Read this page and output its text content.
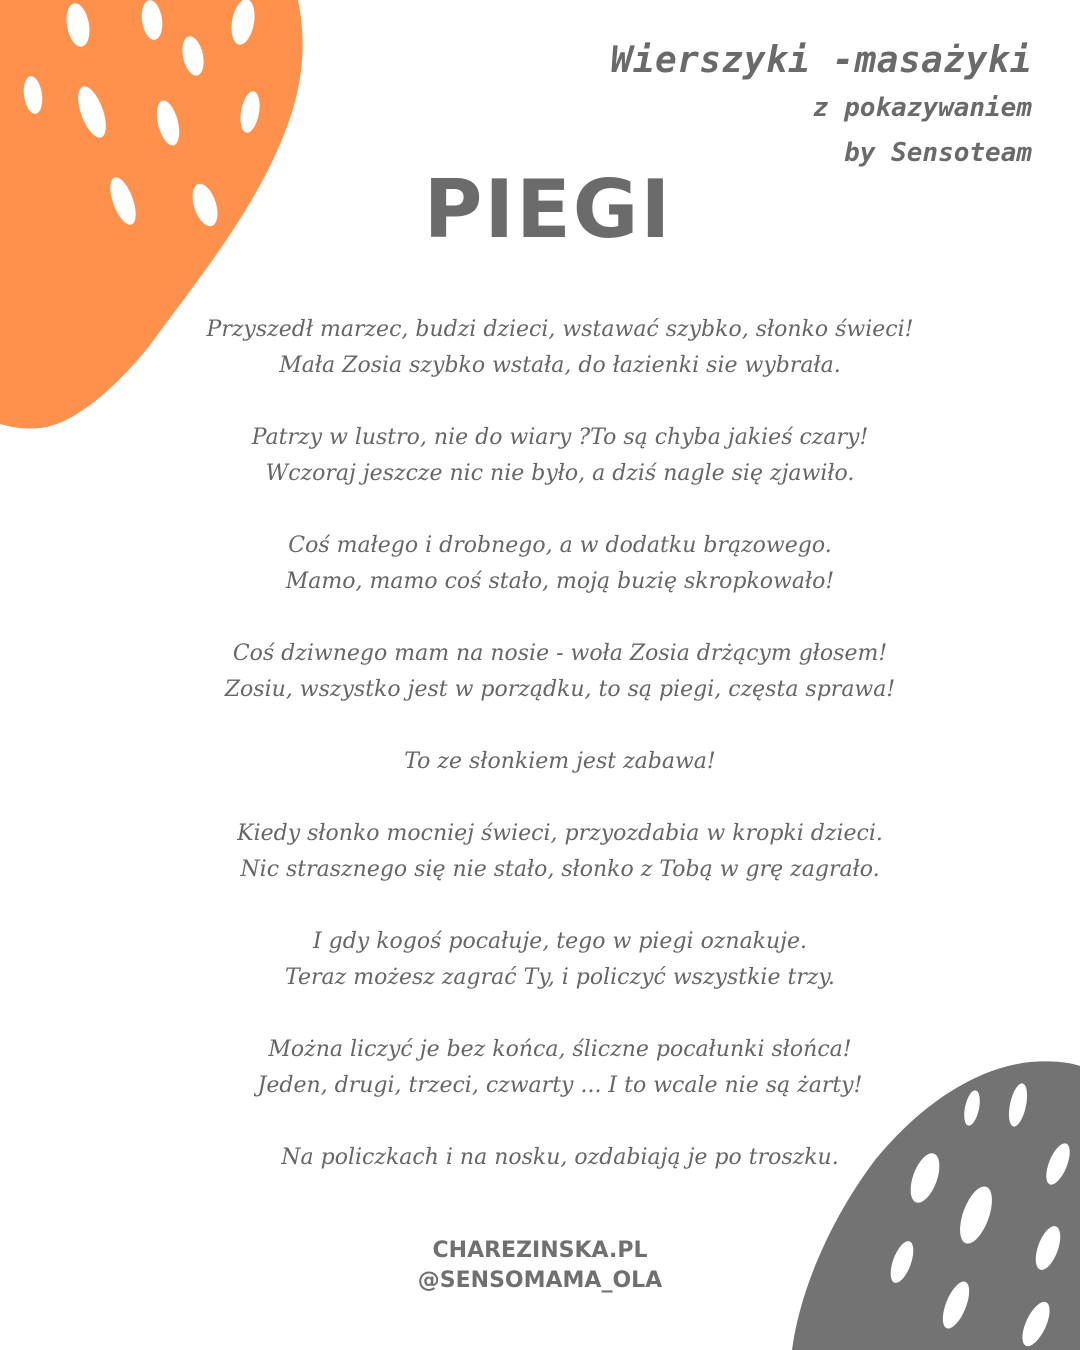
Wierszyki -masażyki
z pokazywaniem
by Sensoteam
PIEGI
Przyszedł marzec, budzi dzieci, wstawać szybko, słonko świeci!
Mała Zosia szybko wstała, do łazienki sie wybrała.
Patrzy w lustro, nie do wiary ?To są chyba jakieś czary!
Wczoraj jeszcze nic nie było, a dziś nagle się zjawiło.
Coś małego i drobnego, a w dodatku brązowego.
Mamo, mamo coś stało, moją buzię skropkowało!
Coś dziwnego mam na nosie - woła Zosia drżącym głosem!
Zosiu, wszystko jest w porządku, to są piegi, częsta sprawa!
To ze słonkiem jest zabawa!
Kiedy słonko mocniej świeci, przyozdabia w kropki dzieci.
Nic strasznego się nie stało, słonko z Tobą w grę zagrało.
I gdy kogoś pocałuje, tego w piegi oznakuje.
Teraz możesz zagrać Ty, i policzyć wszystkie trzy.
Można liczyć je bez końca, śliczne pocałunki słońca!
Jeden, drugi, trzeci, czwarty ... I to wcale nie są żarty!
Na policzkach i na nosku, ozdabiają je po troszku.
CHAREZINSKA.PL
@SENSOMAMA_OLA
